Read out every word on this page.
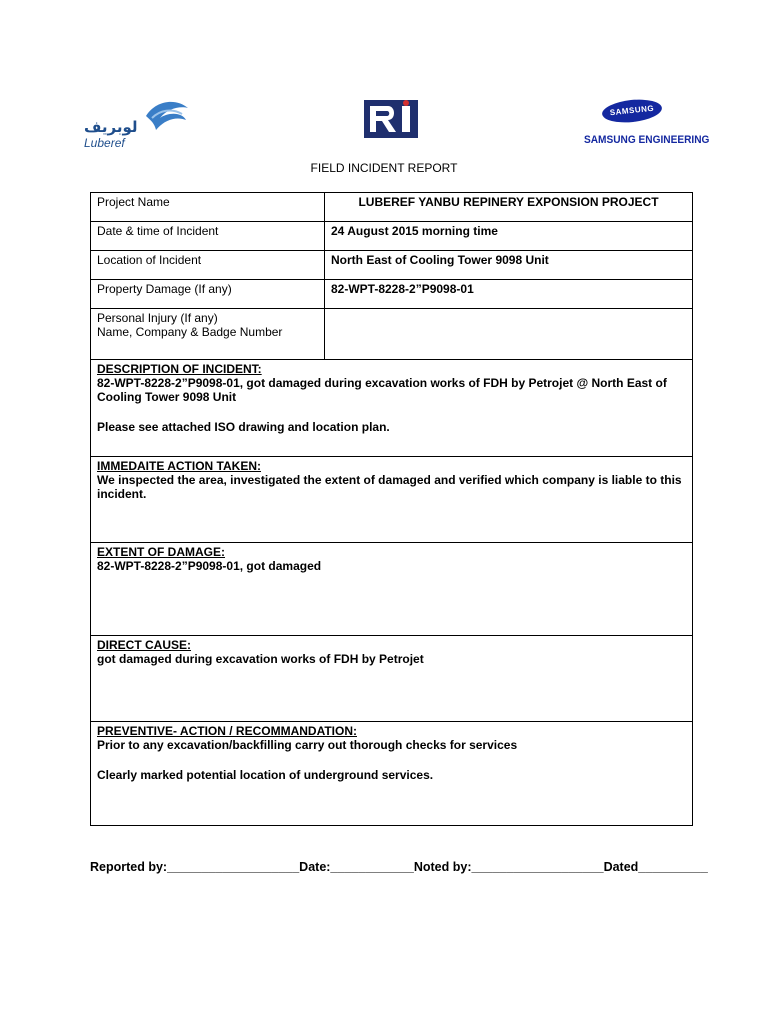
لوبريف
Luberef
SAMSUNG
SAMSUNG ENGINEERING
FIELD INCIDENT REPORT
Project Name	LUBEREF YANBU REPINERY EXPONSION PROJECT
Date & time of Incident	24 August 2015 morning time
Location of Incident	North East of Cooling Tower 9098 Unit
Property Damage (If any)	82-WPT-8228-2”P9098-01

Personal Injury (If any)
Name, Company & Badge Number	

DESCRIPTION OF INCIDENT:
82-WPT-8228-2”P9098-01, got damaged during excavation works of FDH by Petrojet @ North East of Cooling Tower 9098 Unit
Please see attached ISO drawing and location plan.	

IMMEDAITE ACTION TAKEN:
We inspected the area, investigated the extent of damaged and verified which company is liable to this incident.	

EXTENT OF DAMAGE:
82-WPT-8228-2”P9098-01, got damaged	

DIRECT CAUSE:
got damaged during excavation works of FDH by Petrojet	

PREVENTIVE- ACTION / RECOMMANDATION:
Prior to any excavation/backfilling carry out thorough checks for services
Clearly marked potential location of underground services.	
Reported by:___________________Date:____________Noted by:___________________Dated__________
